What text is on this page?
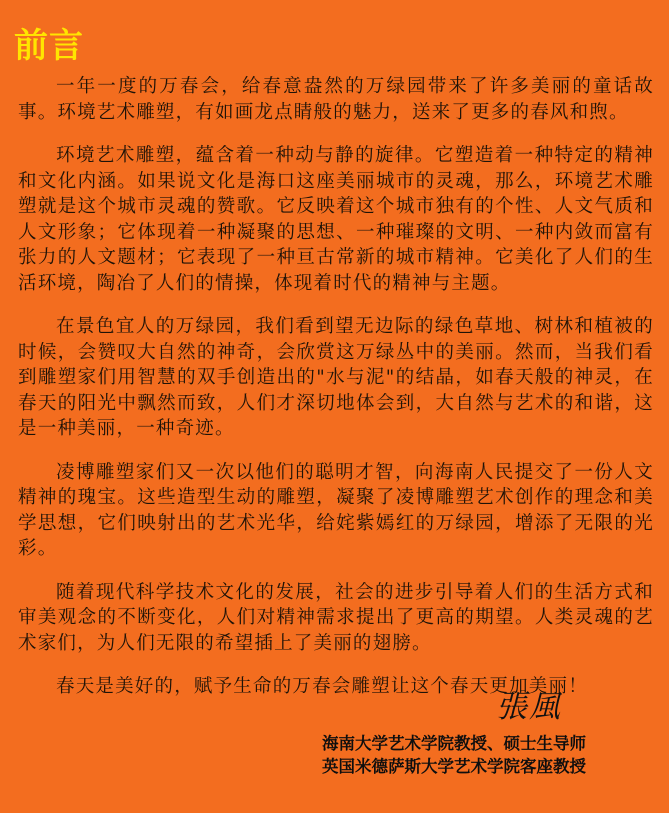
前言

一年一度的万春会，给春意盎然的万绿园带来了许多美丽的童话故事。环境艺术雕塑，有如画龙点睛般的魅力，送来了更多的春风和煦。

环境艺术雕塑，蕴含着一种动与静的旋律。它塑造着一种特定的精神和文化内涵。如果说文化是海口这座美丽城市的灵魂，那么，环境艺术雕塑就是这个城市灵魂的赞歌。它反映着这个城市独有的个性、人文气质和人文形象；它体现着一种凝聚的思想、一种璀璨的文明、一种内敛而富有张力的人文题材；它表现了一种亘古常新的城市精神。它美化了人们的生活环境，陶冶了人们的情操，体现着时代的精神与主题。

在景色宜人的万绿园，我们看到望无边际的绿色草地、树林和植被的时候，会赞叹大自然的神奇，会欣赏这万绿丛中的美丽。然而，当我们看到雕塑家们用智慧的双手创造出的"水与泥"的结晶，如春天般的神灵，在春天的阳光中飘然而致，人们才深切地体会到，大自然与艺术的和谐，这是一种美丽，一种奇迹。

凌博雕塑家们又一次以他们的聪明才智，向海南人民提交了一份人文精神的瑰宝。这些造型生动的雕塑，凝聚了凌博雕塑艺术创作的理念和美学思想，它们映射出的艺术光华，给姹紫嫣红的万绿园，增添了无限的光彩。

随着现代科学技术文化的发展，社会的进步引导着人们的生活方式和审美观念的不断变化，人们对精神需求提出了更高的期望。人类灵魂的艺术家们，为人们无限的希望插上了美丽的翅膀。

春天是美好的，赋予生命的万春会雕塑让这个春天更加美丽！

張風
海南大学艺术学院教授、硕士生导师
英国米德萨斯大学艺术学院客座教授
